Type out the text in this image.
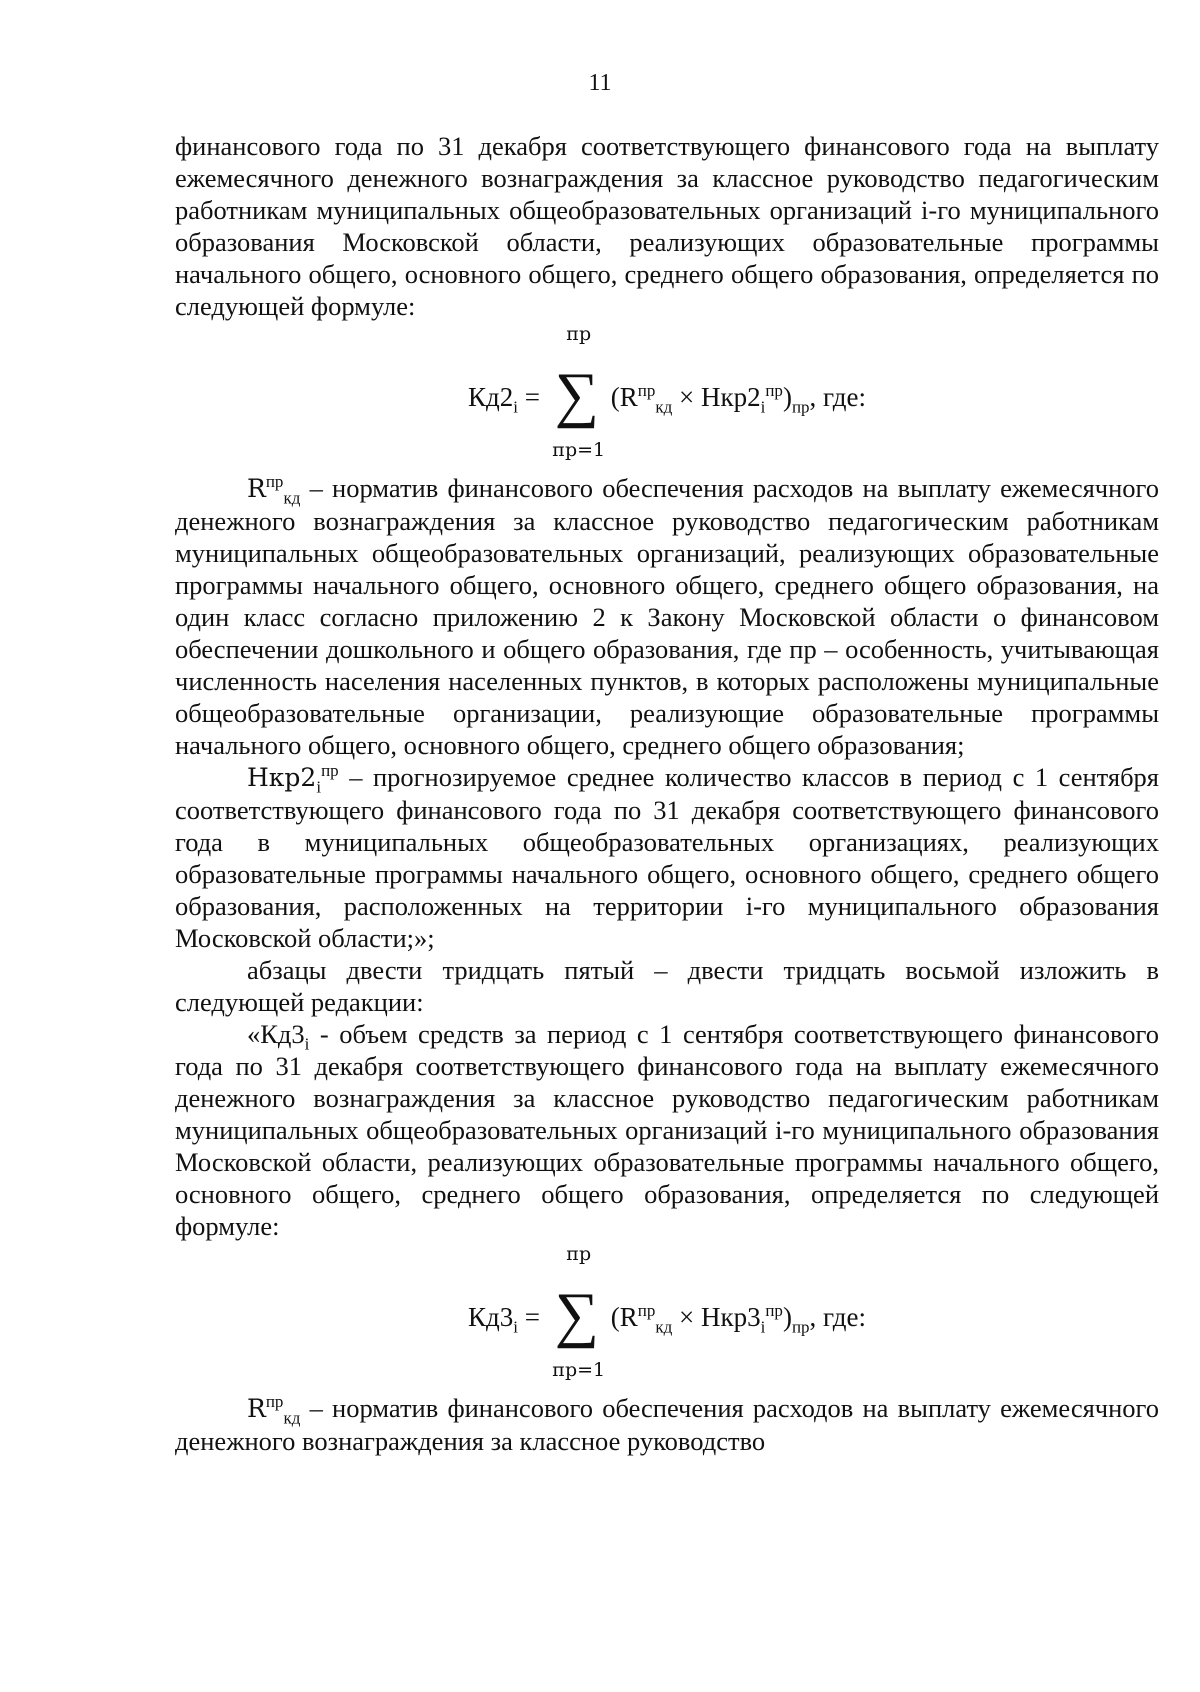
11

финансового года по 31 декабря соответствующего финансового года на выплату ежемесячного денежного вознаграждения за классное руководство педагогическим работникам муниципальных общеобразовательных организаций i-го муниципального образования Московской области, реализующих образовательные программы начального общего, основного общего, среднего общего образования, определяется по следующей формуле:

$Кд2_i$ =
пр
∑
пр=1
$(R^{пр}_{кд} \times Нкр2_i^{пр})_{пр}$, где:

$R^{пр}_{кд}$ – норматив финансового обеспечения расходов на выплату ежемесячного денежного вознаграждения за классное руководство педагогическим работникам муниципальных общеобразовательных организаций, реализующих образовательные программы начального общего, основного общего, среднего общего образования, на один класс согласно приложению 2 к Закону Московской области о финансовом обеспечении дошкольного и общего образования, где пр – особенность, учитывающая численность населения населенных пунктов, в которых расположены муниципальные общеобразовательные организации, реализующие образовательные программы начального общего, основного общего, среднего общего образования;

$Нкр2_i^{пр}$ – прогнозируемое среднее количество классов в период с 1 сентября соответствующего финансового года по 31 декабря соответствующего финансового года в муниципальных общеобразовательных организациях, реализующих образовательные программы начального общего, основного общего, среднего общего образования, расположенных на территории i-го муниципального образования Московской области;»;

абзацы двести тридцать пятый – двести тридцать восьмой изложить в следующей редакции:

«$Кд3_i$ - объем средств за период с 1 сентября соответствующего финансового года по 31 декабря соответствующего финансового года на выплату ежемесячного денежного вознаграждения за классное руководство педагогическим работникам муниципальных общеобразовательных организаций i-го муниципального образования Московской области, реализующих образовательные программы начального общего, основного общего, среднего общего образования, определяется по следующей формуле:

$Кд3_i$ =
пр
∑
пр=1
$(R^{пр}_{кд} \times Нкр3_i^{пр})_{пр}$, где:

$R^{пр}_{кд}$ – норматив финансового обеспечения расходов на выплату ежемесячного денежного вознаграждения за классное руководство
